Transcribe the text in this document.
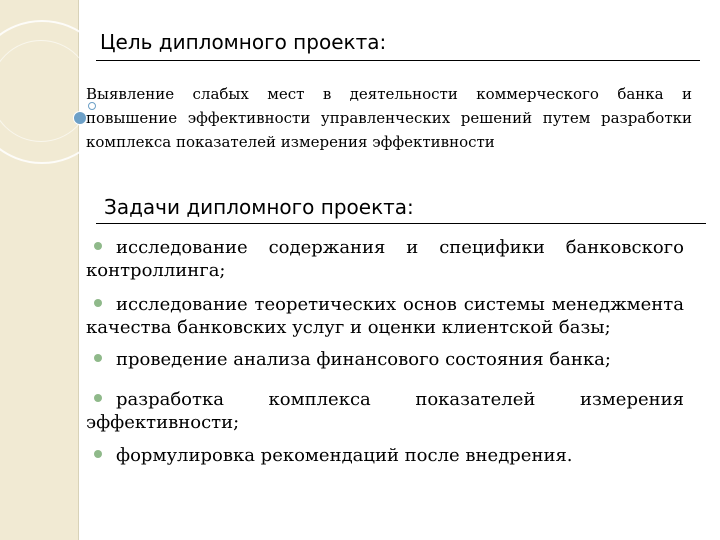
Цель дипломного проекта:
Выявление слабых мест в деятельности коммерческого банка и повышение эффективности управленческих решений путем разработки комплекса показателей измерения эффективности
Задачи дипломного проекта:
исследование содержания и специфики банковского
контроллинга;
исследование теоретических основ системы менеджмента качества банковских услуг и оценки клиентской базы;
проведение анализа финансового состояния банка;
разработка комплекса показателей измерения
эффективности;
формулировка рекомендаций после внедрения.
